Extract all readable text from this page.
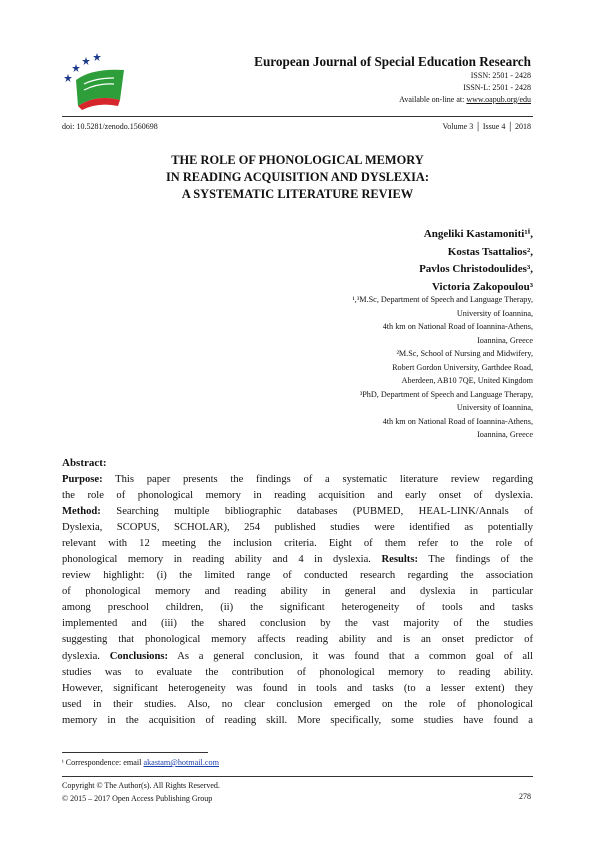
European Journal of Special Education Research
ISSN: 2501 - 2428
ISSN-L: 2501 - 2428
Available on-line at: www.oapub.org/edu
doi: 10.5281/zenodo.1560698	Volume 3 │ Issue 4 │ 2018
THE ROLE OF PHONOLOGICAL MEMORY
IN READING ACQUISITION AND DYSLEXIA:
A SYSTEMATIC LITERATURE REVIEW
Angeliki Kastamoniti¹ⁱ,
Kostas Tsattalios²,
Pavlos Christodoulides³,
Victoria Zakopoulou³
¹,³M.Sc, Department of Speech and Language Therapy,
University of Ioannina,
4th km on National Road of Ioannina-Athens,
Ioannina, Greece
²M.Sc, School of Nursing and Midwifery,
Robert Gordon University, Garthdee Road,
Aberdeen, AB10 7QE, United Kingdom
³PhD, Department of Speech and Language Therapy,
University of Ioannina,
4th km on National Road of Ioannina-Athens,
Ioannina, Greece
Abstract:
Purpose: This paper presents the findings of a systematic literature review regarding
the role of phonological memory in reading acquisition and early onset of dyslexia.
Method: Searching multiple bibliographic databases (PUBMED, HEAL-LINK/Annals of
Dyslexia, SCOPUS, SCHOLAR), 254 published studies were identified as potentially
relevant with 12 meeting the inclusion criteria. Eight of them refer to the role of
phonological memory in reading ability and 4 in dyslexia. Results: The findings of the
review highlight: (i) the limited range of conducted research regarding the association
of phonological memory and reading ability in general and dyslexia in particular
among preschool children, (ii) the significant heterogeneity of tools and tasks
implemented and (iii) the shared conclusion by the vast majority of the studies
suggesting that phonological memory affects reading ability and is an onset predictor of
dyslexia. Conclusions: As a general conclusion, it was found that a common goal of all
studies was to evaluate the contribution of phonological memory to reading ability.
However, significant heterogeneity was found in tools and tasks (to a lesser extent) they
used in their studies. Also, no clear conclusion emerged on the role of phonological
memory in the acquisition of reading skill. More specifically, some studies have found a
ⁱ Correspondence: email akastam@hotmail.com
Copyright © The Author(s). All Rights Reserved.
© 2015 – 2017 Open Access Publishing Group	278
